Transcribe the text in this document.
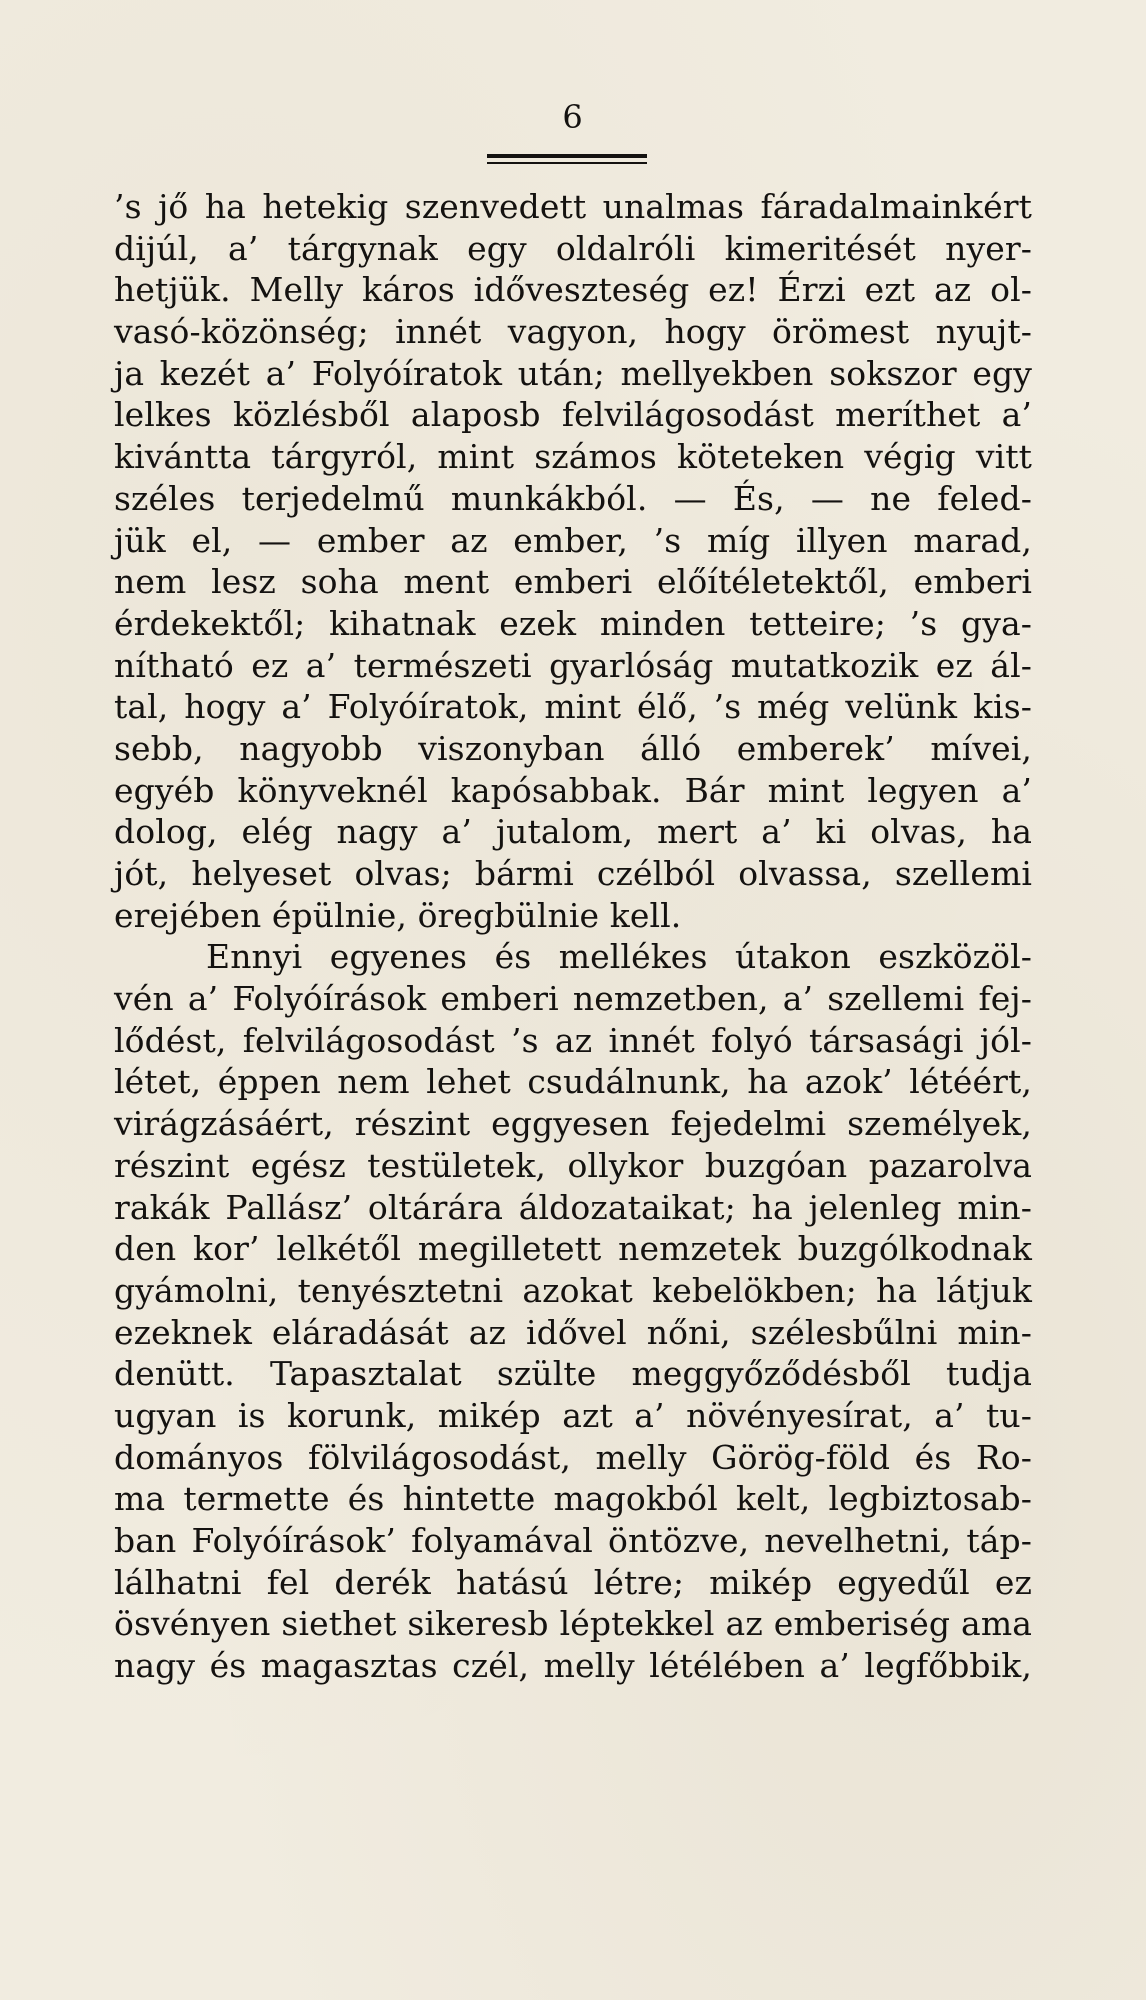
6
’s jő ha hetekig szenvedett unalmas fáradalmainkért
dijúl, a’ tárgynak egy oldalróli kimeritését nyer-
hetjük. Melly káros időveszteség ez! Érzi ezt az ol-
vasó-közönség; innét vagyon, hogy örömest nyujt-
ja kezét a’ Folyóíratok után; mellyekben sokszor egy
lelkes közlésből alaposb felvilágosodást meríthet a’
kivántta tárgyról, mint számos köteteken végig vitt
széles terjedelmű munkákból. — És, — ne feled-
jük el, — ember az ember, ’s míg illyen marad,
nem lesz soha ment emberi előítéletektől, emberi
érdekektől; kihatnak ezek minden tetteire; ’s gya-
nítható ez a’ természeti gyarlóság mutatkozik ez ál-
tal, hogy a’ Folyóíratok, mint élő, ’s még velünk kis-
sebb, nagyobb viszonyban álló emberek’ mívei,
egyéb könyveknél kapósabbak. Bár mint legyen a’
dolog, elég nagy a’ jutalom, mert a’ ki olvas, ha
jót, helyeset olvas; bármi czélból olvassa, szellemi
erejében épülnie, öregbülnie kell.
Ennyi egyenes és mellékes útakon eszközöl-
vén a’ Folyóírások emberi nemzetben, a’ szellemi fej-
lődést, felvilágosodást ’s az innét folyó társasági jól-
létet, éppen nem lehet csudálnunk, ha azok’ létéért,
virágzásáért, részint eggyesen fejedelmi személyek,
részint egész testületek, ollykor buzgóan pazarolva
rakák Pallász’ oltárára áldozataikat; ha jelenleg min-
den kor’ lelkétől megilletett nemzetek buzgólkodnak
gyámolni, tenyésztetni azokat kebelökben; ha látjuk
ezeknek eláradását az idővel nőni, szélesbűlni min-
denütt. Tapasztalat szülte meggyőződésből tudja
ugyan is korunk, mikép azt a’ növényesírat, a’ tu-
dományos fölvilágosodást, melly Görög-föld és Ro-
ma termette és hintette magokból kelt, legbiztosab-
ban Folyóírások’ folyamával öntözve, nevelhetni, táp-
lálhatni fel derék hatású létre; mikép egyedűl ez
ösvényen siethet sikeresb léptekkel az emberiség ama
nagy és magasztas czél, melly létélében a’ legfőbbik,
